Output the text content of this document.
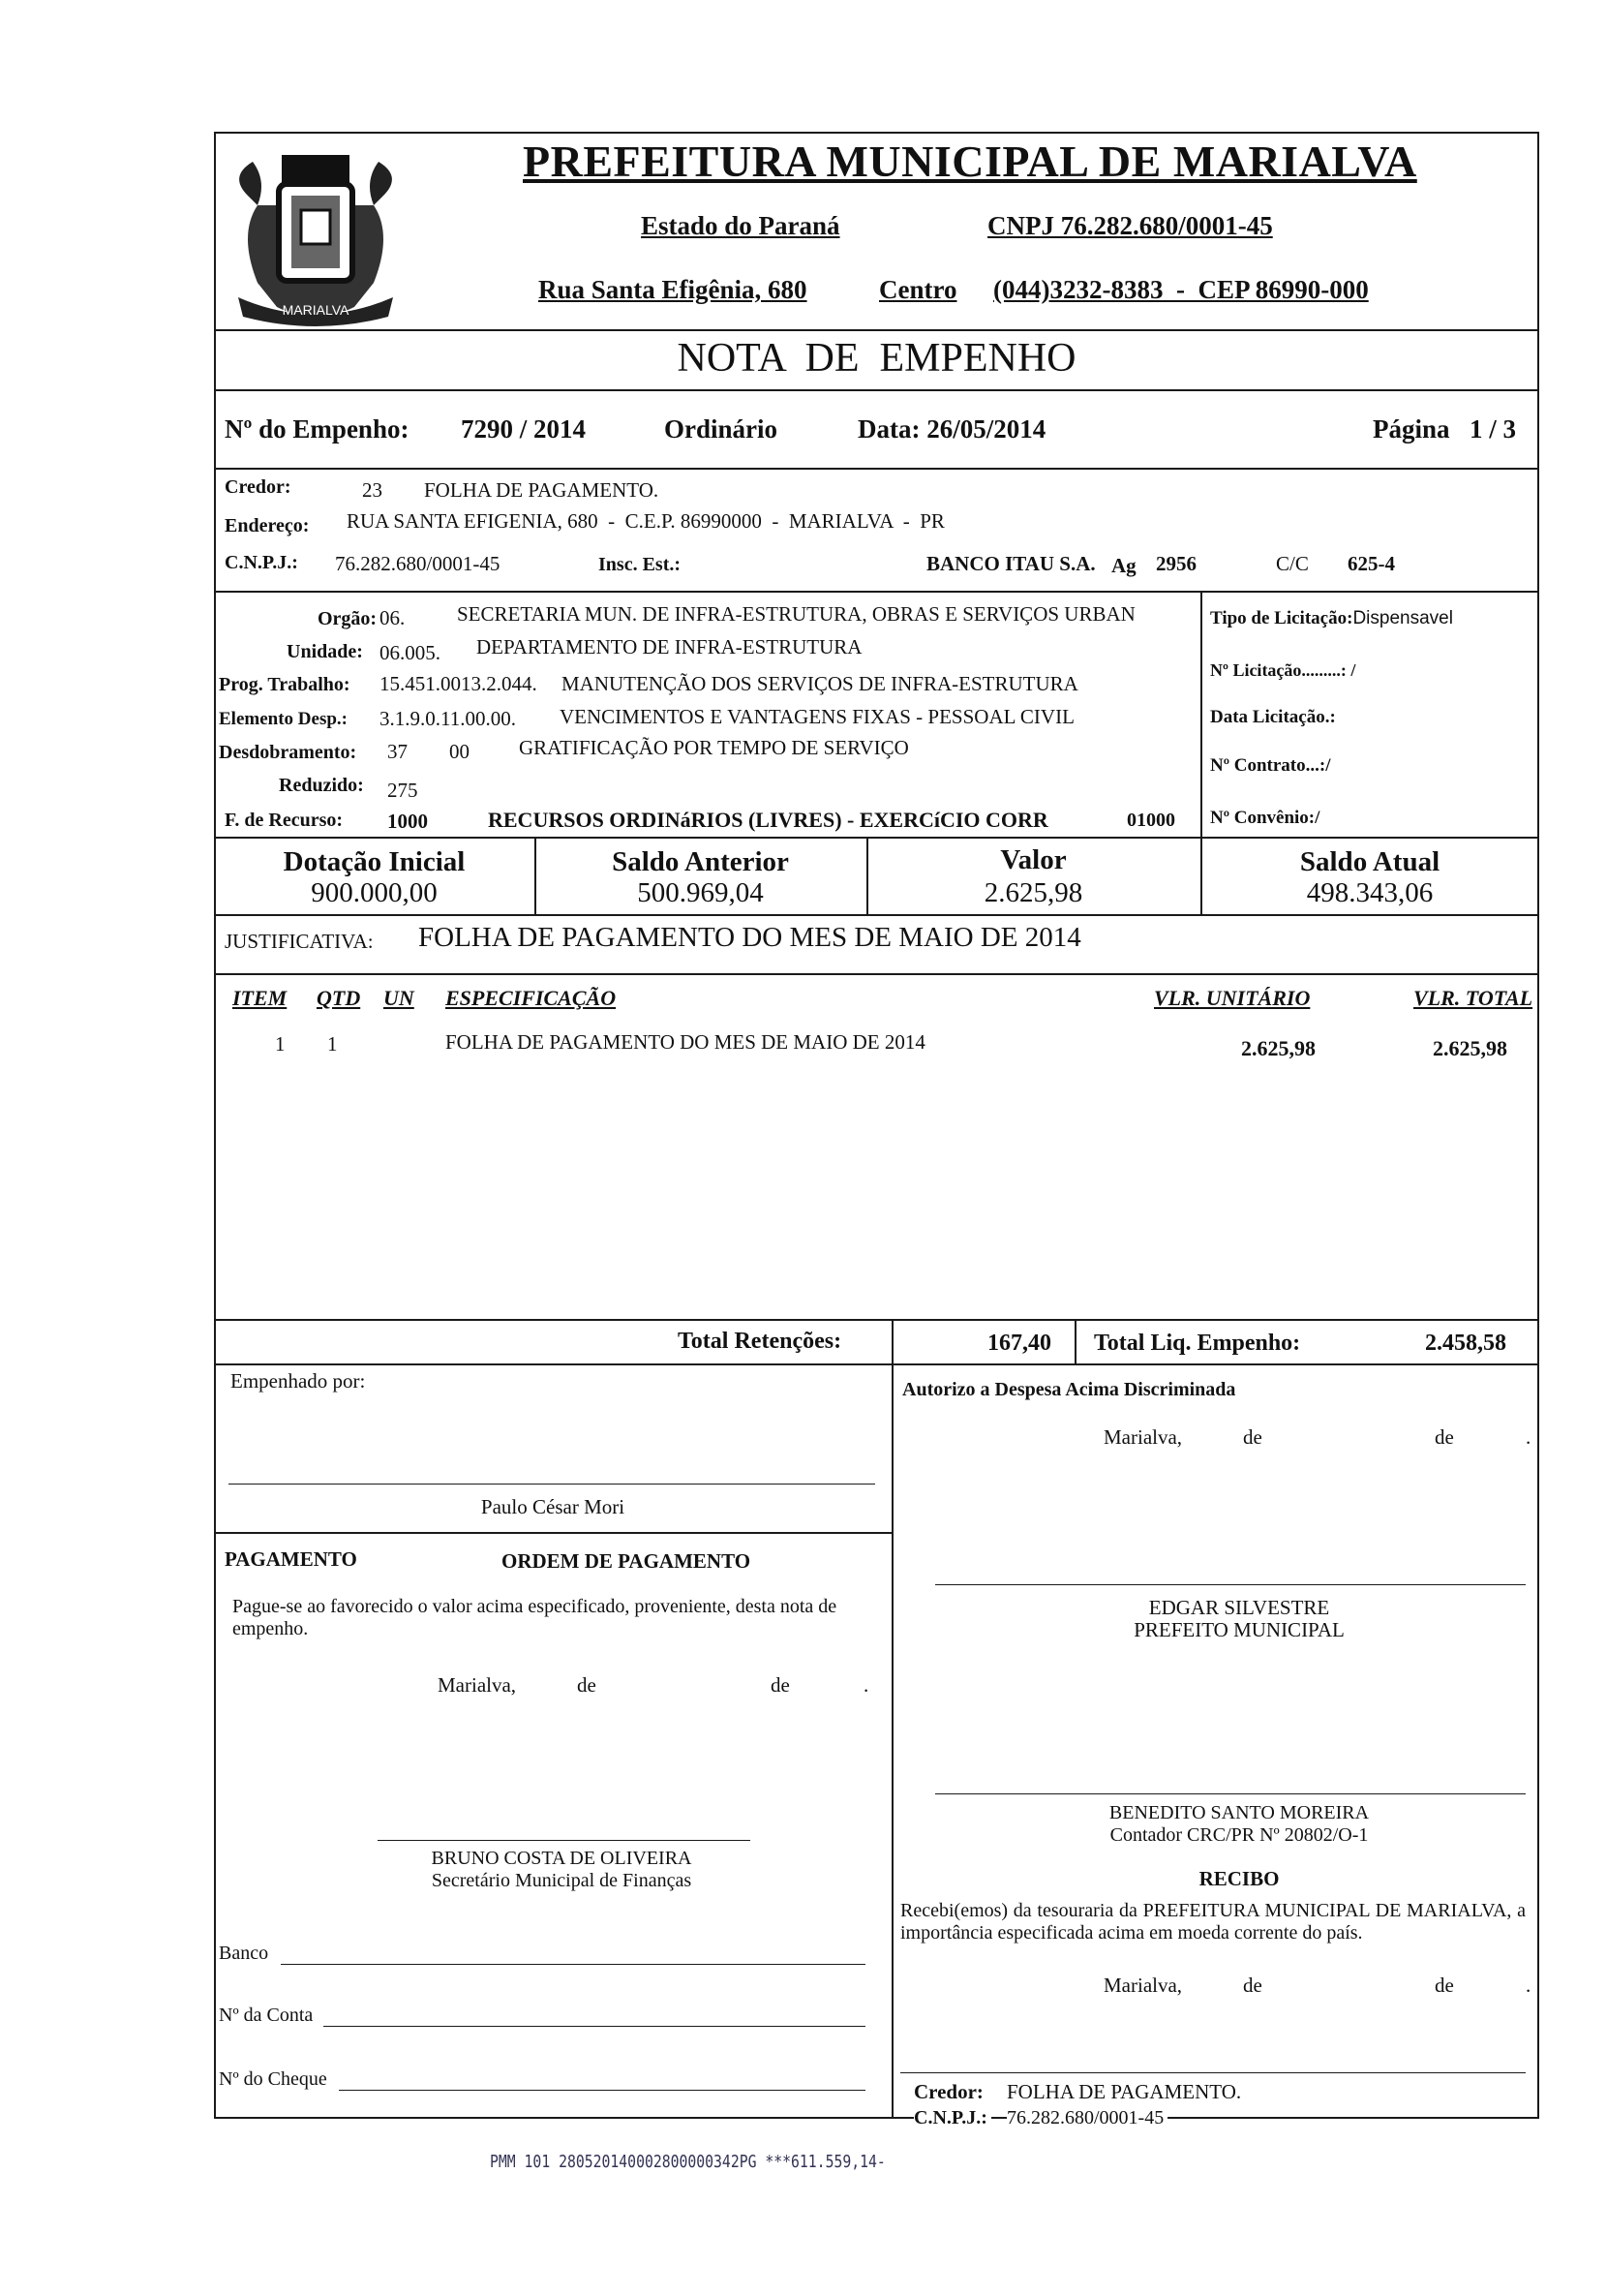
MARIALVA
PREFEITURA MUNICIPAL DE MARIALVA
Estado do Paraná	CNPJ 76.282.680/0001-45
Rua Santa Efigênia, 680	Centro (044)3232-8383  -  CEP 86990-000
NOTA  DE  EMPENHO
Nº do Empenho: 7290 / 2014	Ordinário	Data: 26/05/2014	Página 1 / 3
Credor:	23 FOLHA DE PAGAMENTO.
Endereço: RUA SANTA EFIGENIA, 680  -  C.E.P. 86990000  -  MARIALVA  -  PR
C.N.P.J.: 76.282.680/0001-45	Insc. Est.:	BANCO ITAU S.A. Ag 2956	C/C 625-4
Orgão: 06.	SECRETARIA MUN. DE INFRA-ESTRUTURA, OBRAS E SERVIÇOS URBAN
Unidade: 06.005. DEPARTAMENTO DE INFRA-ESTRUTURA
Prog. Trabalho: 15.451.0013.2.044. MANUTENÇÃO DOS SERVIÇOS DE INFRA-ESTRUTURA
Elemento Desp.: 3.1.9.0.11.00.00. VENCIMENTOS E VANTAGENS FIXAS - PESSOAL CIVIL
Desdobramento: 37 00 GRATIFICAÇÃO POR TEMPO DE SERVIÇO
Reduzido: 275
F. de Recurso: 1000	RECURSOS ORDINáRIOS (LIVRES) - EXERCíCIO CORR	01000
Tipo de Licitação:Dispensavel
Nº Licitação.........: /
Data Licitação.:
Nº Contrato...:/
Nº Convênio:/
Dotação Inicial
900.000,00
Saldo Anterior
500.969,04
Valor
2.625,98
Saldo Atual
498.343,06
JUSTIFICATIVA: FOLHA DE PAGAMENTO DO MES DE MAIO DE 2014
ITEM QTD UN ESPECIFICAÇÃO	VLR. UNITÁRIO	VLR. TOTAL
1 1	FOLHA DE PAGAMENTO DO MES DE MAIO DE 2014	2.625,98	2.625,98
Total Retenções:	167,40 Total Liq. Empenho:	2.458,58
Empenhado por:
Paulo César Mori
Autorizo a Despesa Acima Discriminada
Marialva,	de	de	.
PAGAMENTO	ORDEM DE PAGAMENTO
Pague-se ao favorecido o valor acima especificado, proveniente, desta nota de empenho.
Marialva,	de	de	.
BRUNO COSTA DE OLIVEIRA
Secretário Municipal de Finanças
Banco
Nº da Conta
Nº do Cheque
EDGAR SILVESTRE
PREFEITO MUNICIPAL
BENEDITO SANTO MOREIRA
Contador CRC/PR Nº 20802/O-1
RECIBO
Recebi(emos) da tesouraria da PREFEITURA MUNICIPAL DE MARIALVA, a importância especificada acima em moeda corrente do país.
Marialva,	de	de	.
Credor: FOLHA DE PAGAMENTO.
C.N.P.J.: 76.282.680/0001-45
PMM 101 280520140002800000342PG ***611.559,14-
